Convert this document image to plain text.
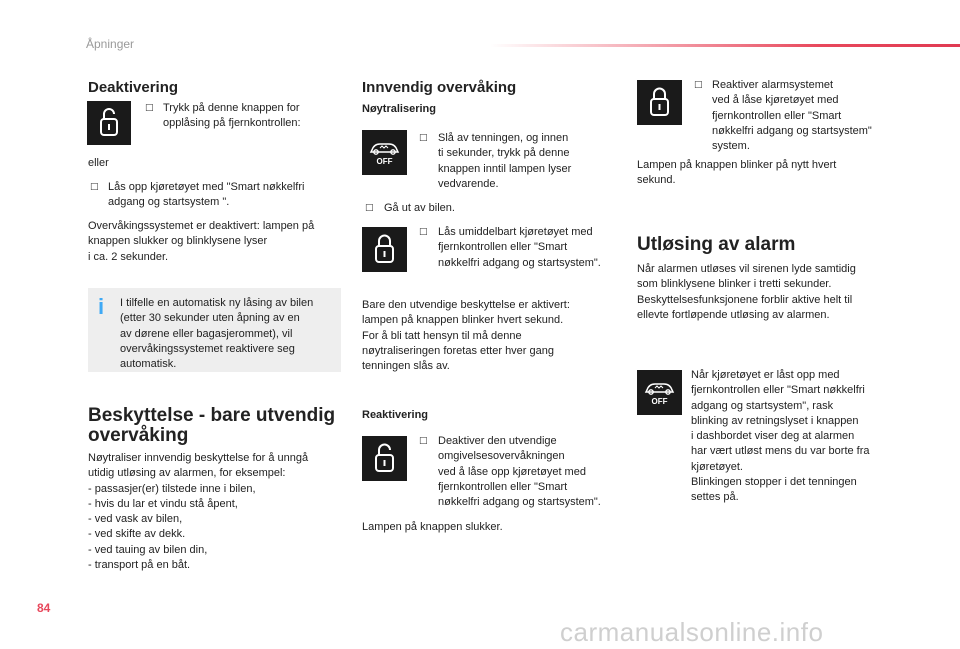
Åpninger
Deaktivering
□ Trykk på denne knappen for
opplåsing på fjernkontrollen:
eller
□ Lås opp kjøretøyet med "Smart nøkkelfri
adgang og startsystem ".
Overvåkingssystemet er deaktivert: lampen på
knappen slukker og blinklysene lyser
i ca. 2 sekunder.
i I tilfelle en automatisk ny låsing av bilen
(etter 30 sekunder uten åpning av en
av dørene eller bagasjerommet), vil
overvåkingssystemet reaktivere seg
automatisk.
Beskyttelse - bare utvendig
overvåking
Nøytraliser innvendig beskyttelse for å unngå
utidig utløsing av alarmen, for eksempel:
- passasjer(er) tilstede inne i bilen,
- hvis du lar et vindu stå åpent,
- ved vask av bilen,
- ved skifte av dekk.
- ved tauing av bilen din,
- transport på en båt.
84
Innvendig overvåking
Nøytralisering
OFF
□ Slå av tenningen, og innen
ti sekunder, trykk på denne
knappen inntil lampen lyser
vedvarende.
□ Gå ut av bilen.
□ Lås umiddelbart kjøretøyet med
fjernkontrollen eller "Smart
nøkkelfri adgang og startsystem".
Bare den utvendige beskyttelse er aktivert:
lampen på knappen blinker hvert sekund.
For å bli tatt hensyn til må denne
nøytraliseringen foretas etter hver gang
tenningen slås av.
Reaktivering
□ Deaktiver den utvendige
omgivelsesovervåkningen
ved å låse opp kjøretøyet med
fjernkontrollen eller "Smart
nøkkelfri adgang og startsystem".
Lampen på knappen slukker.
□ Reaktiver alarmsystemet
ved å låse kjøretøyet med
fjernkontrollen eller "Smart
nøkkelfri adgang og startsystem"
system.
Lampen på knappen blinker på nytt hvert
sekund.
Utløsing av alarm
Når alarmen utløses vil sirenen lyde samtidig
som blinklysene blinker i tretti sekunder.
Beskyttelsesfunksjonene forblir aktive helt til
ellevte fortløpende utløsing av alarmen.
OFF
Når kjøretøyet er låst opp med
fjernkontrollen eller "Smart nøkkelfri
adgang og startsystem", rask
blinking av retningslyset i knappen
i dashbordet viser deg at alarmen
har vært utløst mens du var borte fra
kjøretøyet.
Blinkingen stopper i det tenningen
settes på.
carmanualsonline.info
